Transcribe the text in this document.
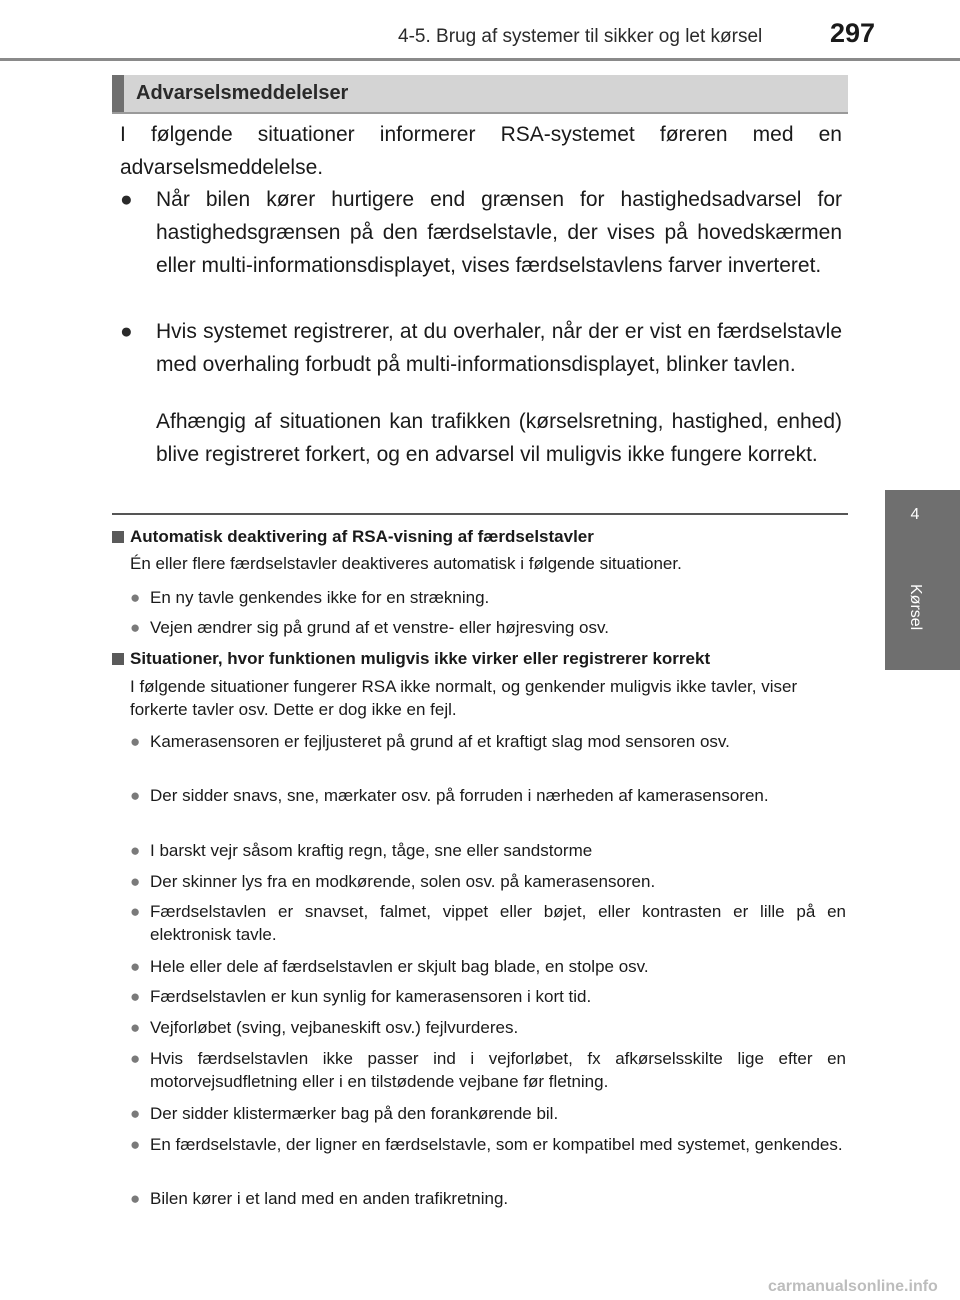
4-5. Brug af systemer til sikker og let kørsel	297
4
Kørsel
Advarselsmeddelelser
I følgende situationer informerer RSA-systemet føreren med en advarselsmeddelelse.
● Når bilen kører hurtigere end grænsen for hastighedsadvarsel for hastighedsgrænsen på den færdselstavle, der vises på hovedskærmen eller multi-informationsdisplayet, vises færdselstavlens farver inverteret.
● Hvis systemet registrerer, at du overhaler, når der er vist en færdselstavle med overhaling forbudt på multi-informationsdisplayet, blinker tavlen.
Afhængig af situationen kan trafikken (kørselsretning, hastighed, enhed) blive registreret forkert, og en advarsel vil muligvis ikke fungere korrekt.
Automatisk deaktivering af RSA-visning af færdselstavler
Én eller flere færdselstavler deaktiveres automatisk i følgende situationer.
● En ny tavle genkendes ikke for en strækning.
● Vejen ændrer sig på grund af et venstre- eller højresving osv.
Situationer, hvor funktionen muligvis ikke virker eller registrerer korrekt
I følgende situationer fungerer RSA ikke normalt, og genkender muligvis ikke tavler, viser forkerte tavler osv. Dette er dog ikke en fejl.
● Kamerasensoren er fejljusteret på grund af et kraftigt slag mod sensoren osv.
● Der sidder snavs, sne, mærkater osv. på forruden i nærheden af kamerasensoren.
● I barskt vejr såsom kraftig regn, tåge, sne eller sandstorme
● Der skinner lys fra en modkørende, solen osv. på kamerasensoren.
● Færdselstavlen er snavset, falmet, vippet eller bøjet, eller kontrasten er lille på en elektronisk tavle.
● Hele eller dele af færdselstavlen er skjult bag blade, en stolpe osv.
● Færdselstavlen er kun synlig for kamerasensoren i kort tid.
● Vejforløbet (sving, vejbaneskift osv.) fejlvurderes.
● Hvis færdselstavlen ikke passer ind i vejforløbet, fx afkørselsskilte lige efter en motorvejsudfletning eller i en tilstødende vejbane før fletning.
● Der sidder klistermærker bag på den forankørende bil.
● En færdselstavle, der ligner en færdselstavle, som er kompatibel med systemet, genkendes.
● Bilen kører i et land med en anden trafikretning.
carmanualsonline.info
